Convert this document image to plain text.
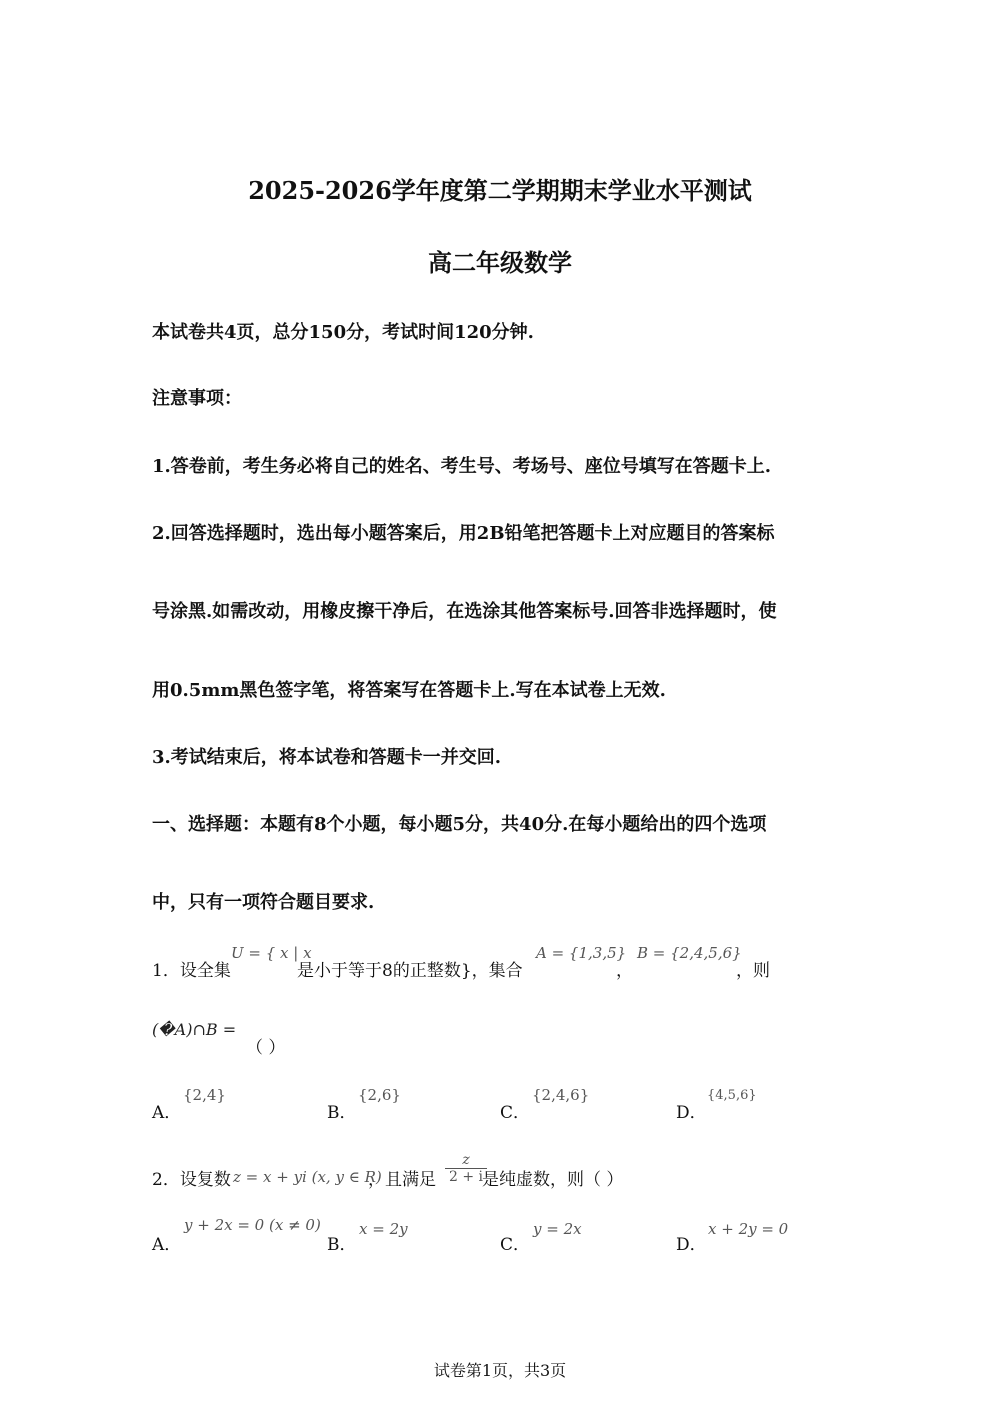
2025-2026学年度第二学期期末学业水平测试
高二年级数学
本试卷共4页，总分150分，考试时间120分钟.
注意事项：
1.答卷前，考生务必将自己的姓名、考生号、考场号、座位号填写在答题卡上.
2.回答选择题时，选出每小题答案后，用2B铅笔把答题卡上对应题目的答案标
号涂黑.如需改动，用橡皮擦干净后，在选涂其他答案标号.回答非选择题时，使
用0.5mm黑色签字笔，将答案写在答题卡上.写在本试卷上无效.
3.考试结束后，将本试卷和答题卡一并交回.
一、选择题：本题有8个小题，每小题5分，共40分.在每小题给出的四个选项
中，只有一项符合题目要求.
1．设全集
U = { x | x
是小于等于8的正整数}，集合
A = {1,3,5}
，
B = {2,4,5,6}
，则
(�A)∩B =
（ ）
A．
{2,4}
B．
{2,6}
C．
{2,4,6}
D．
{4,5,6}
2．设复数 z = x + yi (x, y ∈ R)
，且满足 $\frac{z}{2 + i}$
是纯虚数，则（ ）
A．
y + 2x = 0 (x ≠ 0)
B．
x = 2y
C．
y = 2x
D．
x + 2y = 0
试卷第1页，共3页
